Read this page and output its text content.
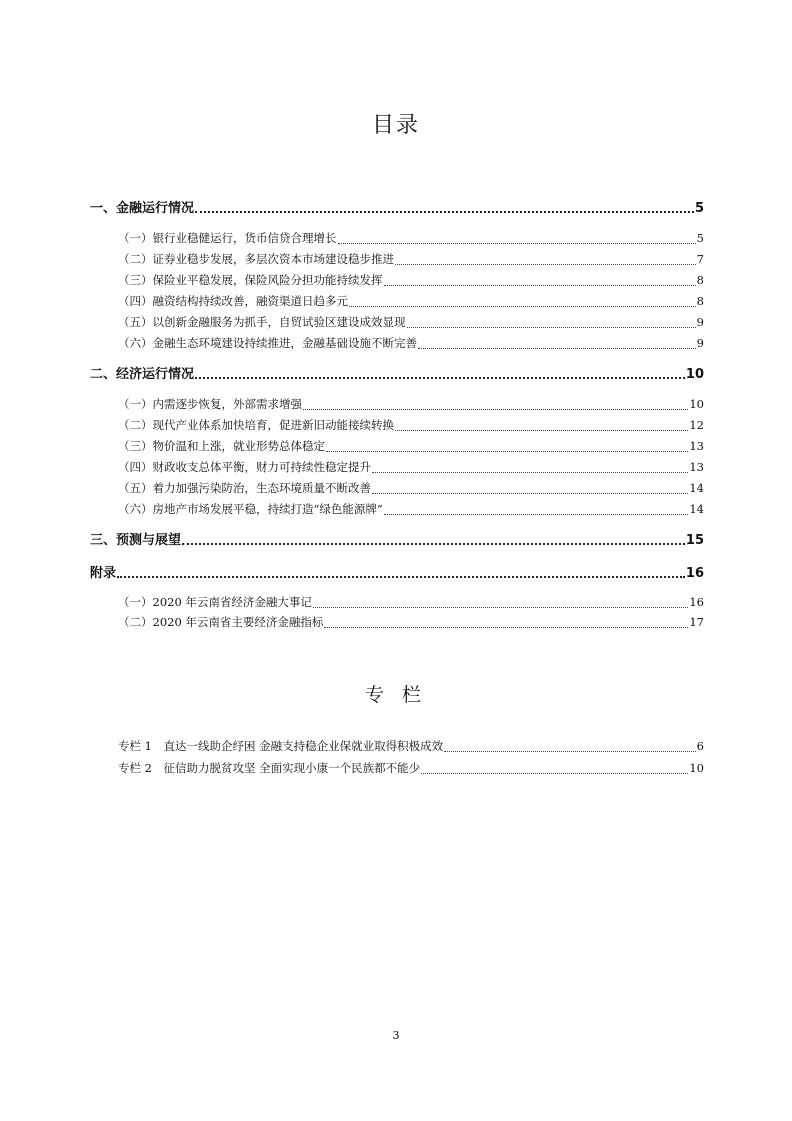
目录
一、金融运行情况	5
（一）银行业稳健运行，货币信贷合理增长	5
（二）证券业稳步发展，多层次资本市场建设稳步推进	7
（三）保险业平稳发展，保险风险分担功能持续发挥	8
（四）融资结构持续改善，融资渠道日趋多元	8
（五）以创新金融服务为抓手，自贸试验区建设成效显现	9
（六）金融生态环境建设持续推进，金融基础设施不断完善	9
二、经济运行情况	10
（一）内需逐步恢复，外部需求增强	10
（二）现代产业体系加快培育，促进新旧动能接续转换	12
（三）物价温和上涨，就业形势总体稳定	13
（四）财政收支总体平衡，财力可持续性稳定提升	13
（五）着力加强污染防治，生态环境质量不断改善	14
（六）房地产市场发展平稳，持续打造“绿色能源牌”	14
三、预测与展望	15
附录	16
（一）2020 年云南省经济金融大事记	16
（二）2020 年云南省主要经济金融指标	17
专 栏
专栏 1　直达一线助企纾困 金融支持稳企业保就业取得积极成效	6
专栏 2　征信助力脱贫攻坚 全面实现小康一个民族都不能少	10
3
